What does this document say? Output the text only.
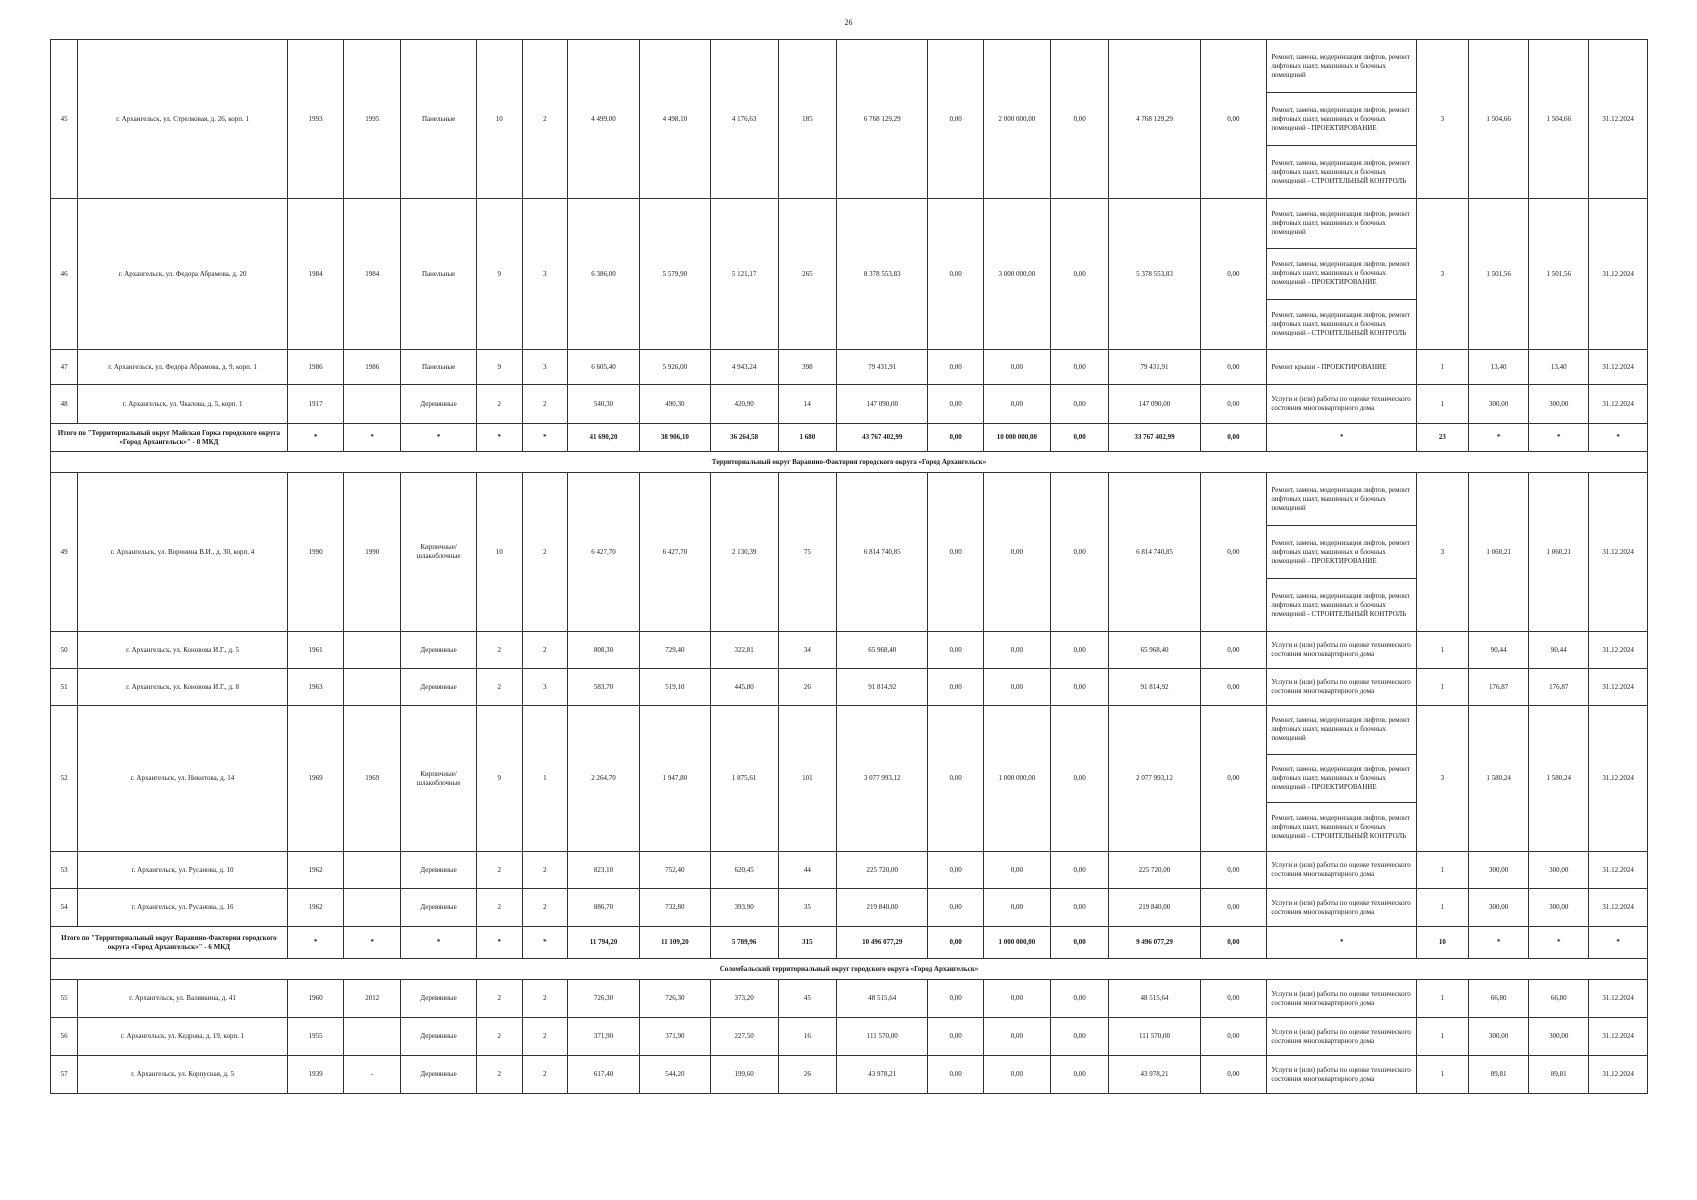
26
45	г. Архангельск, ул. Стрелковая, д. 26, корп. 1	1993	1995	Панельные	10	2	4 499,00	4 498,10	4 176,63	185	6 768 129,29	0,00	2 000 000,00	0,00	4 768 129,29	0,00	Ремонт, замена, модернизация лифтов, ремонт лифтовых шахт, машинных и блочных помещений
Ремонт, замена, модернизация лифтов, ремонт лифтовых шахт, машинных и блочных помещений - ПРОЕКТИРОВАНИЕ
Ремонт, замена, модернизация лифтов, ремонт лифтовых шахт, машинных и блочных помещений - СТРОИТЕЛЬНЫЙ КОНТРОЛЬ	3	1 504,66	1 504,66	31.12.2024
46	г. Архангельск, ул. Федора Абрамова, д. 20	1984	1984	Панельные	9	3	6 386,00	5 579,90	5 121,17	265	8 378 553,83	0,00	3 000 000,00	0,00	5 378 553,83	0,00	Ремонт, замена, модернизация лифтов, ремонт лифтовых шахт, машинных и блочных помещений
Ремонт, замена, модернизация лифтов, ремонт лифтовых шахт, машинных и блочных помещений - ПРОЕКТИРОВАНИЕ
Ремонт, замена, модернизация лифтов, ремонт лифтовых шахт, машинных и блочных помещений - СТРОИТЕЛЬНЫЙ КОНТРОЛЬ	3	1 501,56	1 501,56	31.12.2024
47	г. Архангельск, ул. Федора Абрамова, д. 9, корп. 1	1986	1986	Панельные	9	3	6 605,40	5 926,00	4 943,24	398	79 431,91	0,00	0,00	0,00	79 431,91	0,00	Ремонт крыши - ПРОЕКТИРОВАНИЕ	1	13,40	13,40	31.12.2024
48	г. Архангельск, ул. Чкалова, д. 5, корп. 1	1917		Деревянные	2	2	540,30	490,30	420,90	14	147 090,00	0,00	0,00	0,00	147 090,00	0,00	Услуги и (или) работы по оценке технического состояния многоквартирного дома	1	300,00	300,00	31.12.2024
Итого по "Территориальный округ Майская Горка городского округа «Город Архангельск»" - 8 МКД		*	*	*	*	*	41 690,20	38 906,10	36 264,58	1 680	43 767 402,99	0,00	10 000 000,00	0,00	33 767 402,99	0,00	*	23	*	*	*
Территориальный округ Варавино-Фактория городского округа «Город Архангельск»																					
49	г. Архангельск, ул. Воронина В.И., д. 30, корп. 4	1990	1990	Кирпичные/ шлакоблочные	10	2	6 427,70	6 427,70	2 130,39	75	6 814 740,85	0,00	0,00	0,00	6 814 740,85	0,00	Ремонт, замена, модернизация лифтов, ремонт лифтовых шахт, машинных и блочных помещений
Ремонт, замена, модернизация лифтов, ремонт лифтовых шахт, машинных и блочных помещений - ПРОЕКТИРОВАНИЕ
Ремонт, замена, модернизация лифтов, ремонт лифтовых шахт, машинных и блочных помещений - СТРОИТЕЛЬНЫЙ КОНТРОЛЬ	3	1 060,21	1 060,21	31.12.2024
50	г. Архангельск, ул. Коновова И.Г., д. 5	1961		Деревянные	2	2	808,30	729,40	322,81	34	65 968,40	0,00	0,00	0,00	65 968,40	0,00	Услуги и (или) работы по оценке технического состояния многоквартирного дома	1	90,44	90,44	31.12.2024
51	г. Архангельск, ул. Коновова И.Г., д. 8	1963		Деревянные	2	3	583,70	519,10	445,80	26	91 814,92	0,00	0,00	0,00	91 814,92	0,00	Услуги и (или) работы по оценке технического состояния многоквартирного дома	1	176,87	176,87	31.12.2024
52	г. Архангельск, ул. Никитова, д. 14	1969	1969	Кирпичные/ шлакоблочные	9	1	2 264,70	1 947,80	1 875,61	101	3 077 993,12	0,00	1 000 000,00	0,00	2 077 993,12	0,00	Ремонт, замена, модернизация лифтов, ремонт лифтовых шахт, машинных и блочных помещений
Ремонт, замена, модернизация лифтов, ремонт лифтовых шахт, машинных и блочных помещений - ПРОЕКТИРОВАНИЕ
Ремонт, замена, модернизация лифтов, ремонт лифтовых шахт, машинных и блочных помещений - СТРОИТЕЛЬНЫЙ КОНТРОЛЬ	3	1 580,24	1 580,24	31.12.2024
53	г. Архангельск, ул. Русанова, д. 10	1962		Деревянные	2	2	823,10	752,40	620,45	44	225 720,00	0,00	0,00	0,00	225 720,00	0,00	Услуги и (или) работы по оценке технического состояния многоквартирного дома	1	300,00	300,00	31.12.2024
54	г. Архангельск, ул. Русанова, д. 16	1962		Деревянные	2	2	886,70	732,80	393,90	35	219 840,00	0,00	0,00	0,00	219 840,00	0,00	Услуги и (или) работы по оценке технического состояния многоквартирного дома	1	300,00	300,00	31.12.2024
Итого по "Территориальный округ Варавино-Фактория городского округа «Город Архангельск»" - 6 МКД		*	*	*	*	*	11 794,20	11 109,20	5 789,96	315	10 496 077,29	0,00	1 000 000,00	0,00	9 496 077,29	0,00	*	10	*	*	*
Соломбальский территориальный округ городского округа «Город Архангельск»																					
55	г. Архангельск, ул. Валявкина, д. 41	1960	2012	Деревянные	2	2	726,30	726,30	373,20	45	48 515,64	0,00	0,00	0,00	48 515,64	0,00	Услуги и (или) работы по оценке технического состояния многоквартирного дома	1	66,80	66,80	31.12.2024
56	г. Архангельск, ул. Кедрова, д. 19, корп. 1	1955		Деревянные	2	2	371,90	371,90	227,50	16	111 570,00	0,00	0,00	0,00	111 570,00	0,00	Услуги и (или) работы по оценке технического состояния многоквартирного дома	1	300,00	300,00	31.12.2024
57	г. Архангельск, ул. Корпусная, д. 5	1939	-	Деревянные	2	2	617,40	544,20	199,60	26	43 978,21	0,00	0,00	0,00	43 978,21	0,00	Услуги и (или) работы по оценке технического состояния многоквартирного дома	1	89,81	89,81	31.12.2024
